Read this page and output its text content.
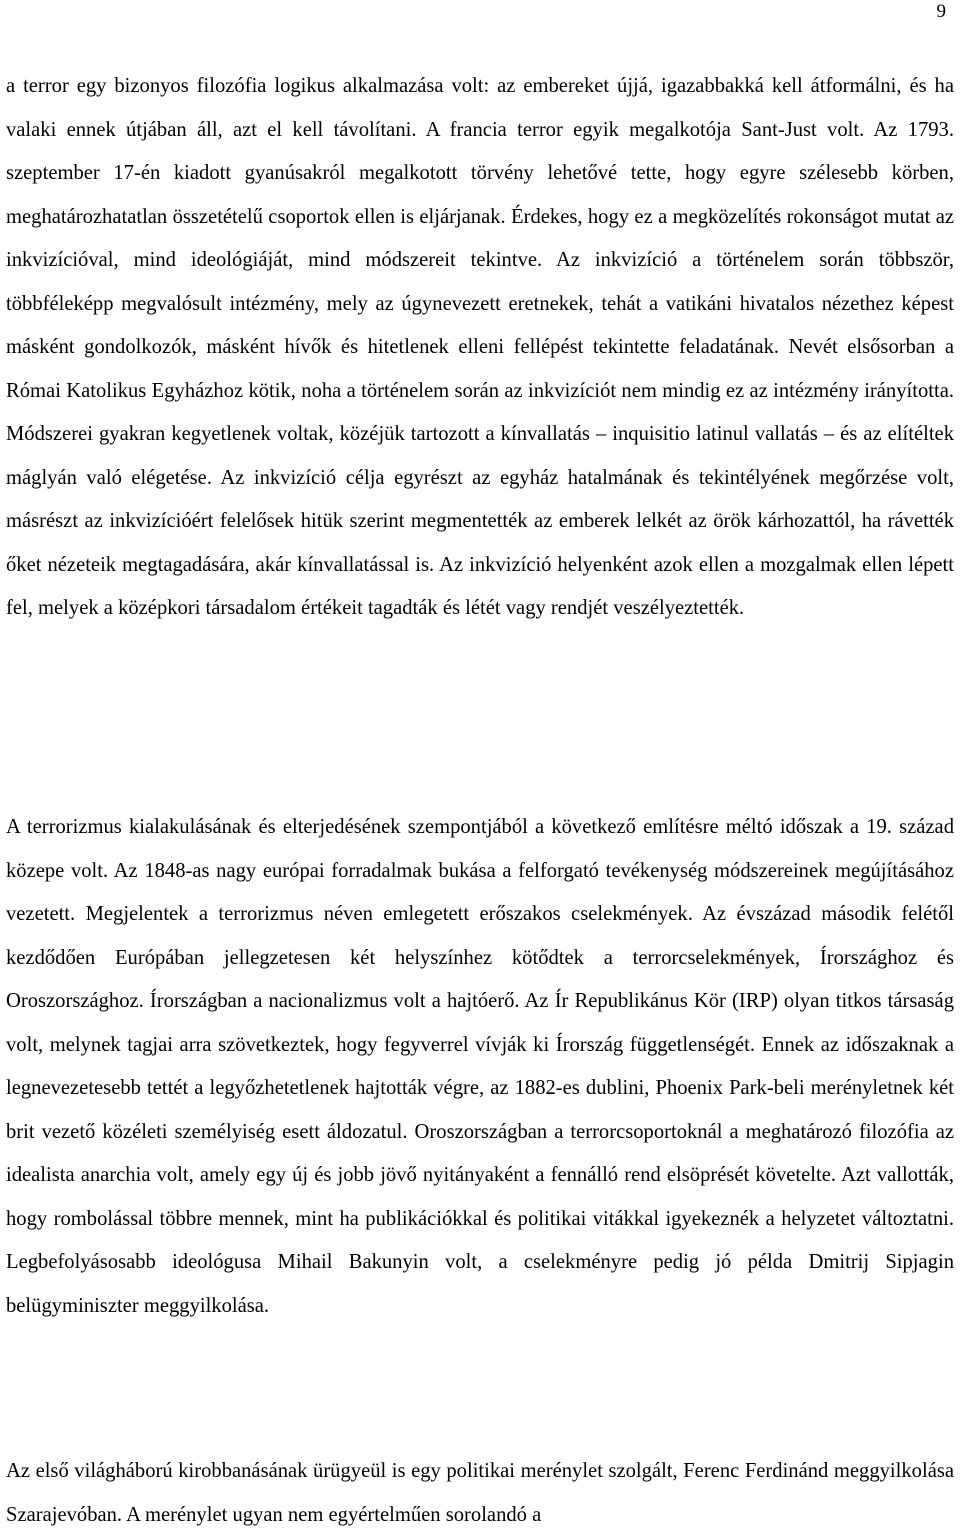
9

a terror egy bizonyos filozófia logikus alkalmazása volt: az embereket újjá, igazabbakká kell átformálni, és ha valaki ennek útjában áll, azt el kell távolítani. A francia terror egyik megalkotója Sant-Just volt. Az 1793. szeptember 17-én kiadott gyanúsakról megalkotott törvény lehetővé tette, hogy egyre szélesebb körben, meghatározhatatlan összetételű csoportok ellen is eljárjanak. Érdekes, hogy ez a megközelítés rokonságot mutat az inkvizícióval, mind ideológiáját, mind módszereit tekintve. Az inkvizíció a történelem során többször, többféleképp megvalósult intézmény, mely az úgynevezett eretnekek, tehát a vatikáni hivatalos nézethez képest másként gondolkozók, másként hívők és hitetlenek elleni fellépést tekintette feladatának. Nevét elsősorban a Római Katolikus Egyházhoz kötik, noha a történelem során az inkvizíciót nem mindig ez az intézmény irányította. Módszerei gyakran kegyetlenek voltak, közéjük tartozott a kínvallatás – inquisitio latinul vallatás – és az elítéltek máglyán való elégetése. Az inkvizíció célja egyrészt az egyház hatalmának és tekintélyének megőrzése volt, másrészt az inkvizícióért felelősek hitük szerint megmentették az emberek lelkét az örök kárhozattól, ha rávették őket nézeteik megtagadására, akár kínvallatással is. Az inkvizíció helyenként azok ellen a mozgalmak ellen lépett fel, melyek a középkori társadalom értékeit tagadták és létét vagy rendjét veszélyeztették.

A terrorizmus kialakulásának és elterjedésének szempontjából a következő említésre méltó időszak a 19. század közepe volt. Az 1848-as nagy európai forradalmak bukása a felforgató tevékenység módszereinek megújításához vezetett. Megjelentek a terrorizmus néven emlegetett erőszakos cselekmények. Az évszázad második felétől kezdődően Európában jellegzetesen két helyszínhez kötődtek a terrorcselekmények, Írországhoz és Oroszországhoz. Írországban a nacionalizmus volt a hajtóerő. Az Ír Republikánus Kör (IRP) olyan titkos társaság volt, melynek tagjai arra szövetkeztek, hogy fegyverrel vívják ki Írország függetlenségét. Ennek az időszaknak a legnevezetesebb tettét a legyőzhetetlenek hajtották végre, az 1882-es dublini, Phoenix Park-beli merényletnek két brit vezető közéleti személyiség esett áldozatul. Oroszországban a terrorcsoportoknál a meghatározó filozófia az idealista anarchia volt, amely egy új és jobb jövő nyitányaként a fennálló rend elsöprését követelte. Azt vallották, hogy rombolással többre mennek, mint ha publikációkkal és politikai vitákkal igyekeznék a helyzetet változtatni. Legbefolyásosabb ideológusa Mihail Bakunyin volt, a cselekményre pedig jó példa Dmitrij Sipjagin belügyminiszter meggyilkolása.

Az első világháború kirobbanásának ürügyeül is egy politikai merénylet szolgált, Ferenc Ferdinánd meggyilkolása Szarajevóban. A merénylet ugyan nem egyértelműen sorolandó a
